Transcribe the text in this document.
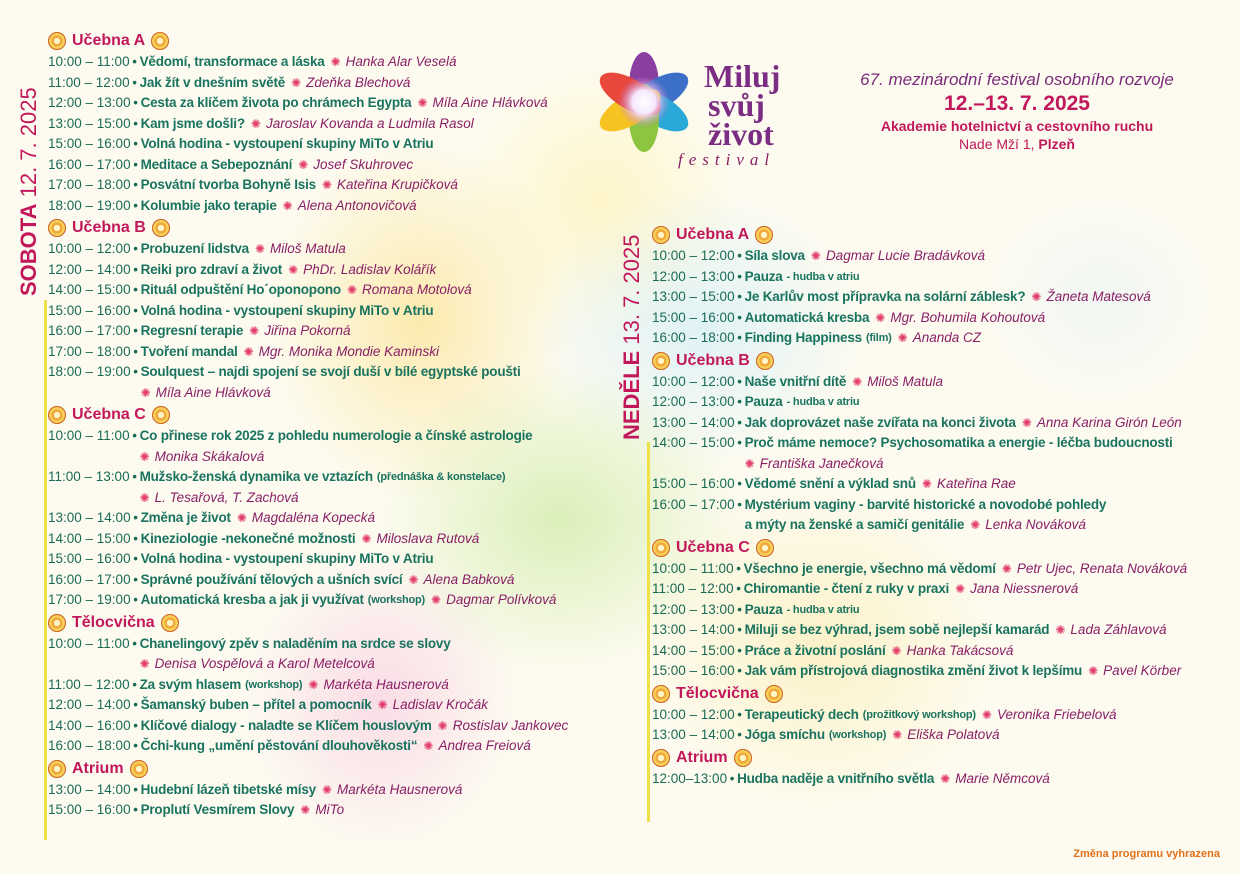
SOBOTA 12. 7. 2025
NEDĚLE 13. 7. 2025
Učebna A
10:00 – 11:00 • Vědomí, transformace a láska ✺ Hanka Alar Veselá
11:00 – 12:00 • Jak žít v dnešním světě ✺ Zdeňka Blechová
12:00 – 13:00 • Cesta za klíčem života po chrámech Egypta ✺ Míla Aine Hlávková
13:00 – 15:00 • Kam jsme došli? ✺ Jaroslav Kovanda a Ludmila Rasol
15:00 – 16:00 • Volná hodina - vystoupení skupiny MiTo v Atriu
16:00 – 17:00 • Meditace a Sebepoznání ✺ Josef Skuhrovec
17:00 – 18:00 • Posvátní tvorba Bohyně Isis ✺ Kateřina Krupičková
18:00 – 19:00 • Kolumbie jako terapie ✺ Alena Antonovičová
Učebna B
10:00 – 12:00 • Probuzení lidstva ✺ Miloš Matula
12:00 – 14:00 • Reiki pro zdraví a život ✺ PhDr. Ladislav Kolářík
14:00 – 15:00 • Rituál odpuštění Ho´oponopono ✺ Romana Motolová
15:00 – 16:00 • Volná hodina - vystoupení skupiny MiTo v Atriu
16:00 – 17:00 • Regresní terapie ✺ Jiřina Pokorná
17:00 – 18:00 • Tvoření mandal ✺ Mgr. Monika Mondie Kaminski
18:00 – 19:00 • Soulquest – najdi spojení se svojí duší v bílé egyptské poušti
✺ Míla Aine Hlávková
Učebna C
10:00 – 11:00 • Co přinese rok 2025 z pohledu numerologie a čínské astrologie
✺ Monika Skákalová
11:00 – 13:00 • Mužsko-ženská dynamika ve vztazích (přednáška & konstelace)
✺ L. Tesařová, T. Zachová
13:00 – 14:00 • Změna je život ✺ Magdaléna Kopecká
14:00 – 15:00 • Kineziologie -nekonečné možnosti ✺ Miloslava Rutová
15:00 – 16:00 • Volná hodina - vystoupení skupiny MiTo v Atriu
16:00 – 17:00 • Správné používání tělových a ušních svící ✺ Alena Babková
17:00 – 19:00 • Automatická kresba a jak ji využívat (workshop) ✺ Dagmar Polívková
Tělocvična
10:00 – 11:00 • Chanelingový zpěv s naladěním na srdce se slovy
✺ Denisa Vospělová a Karol Metelcová
11:00 – 12:00 • Za svým hlasem (workshop) ✺ Markéta Hausnerová
12:00 – 14:00 • Šamanský buben – přítel a pomocník ✺ Ladislav Kročák
14:00 – 16:00 • Klíčové dialogy - naladte se Klíčem houslovým ✺ Rostislav Jankovec
16:00 – 18:00 • Čchi-kung „umění pěstování dlouhověkosti“ ✺ Andrea Freiová
Atrium
13:00 – 14:00 • Hudební lázeň tibetské mísy ✺ Markéta Hausnerová
15:00 – 16:00 • Proplutí Vesmírem Slovy ✺ MiTo
Učebna A
10:00 – 12:00 • Síla slova ✺ Dagmar Lucie Bradávková
12:00 – 13:00 • Pauza - hudba v atriu
13:00 – 15:00 • Je Karlův most přípravka na solární záblesk? ✺ Žaneta Matesová
15:00 – 16:00 • Automatická kresba ✺ Mgr. Bohumila Kohoutová
16:00 – 18:00 • Finding Happiness (film) ✺ Ananda CZ
Učebna B
10:00 – 12:00 • Naše vnitřní dítě ✺ Miloš Matula
12:00 – 13:00 • Pauza - hudba v atriu
13:00 – 14:00 • Jak doprovázet naše zvířata na konci života ✺ Anna Karina Girón León
14:00 – 15:00 • Proč máme nemoce? Psychosomatika a energie - léčba budoucnosti
✺ Františka Janečková
15:00 – 16:00 • Vědomé snění a výklad snů ✺ Kateřina Rae
16:00 – 17:00 • Mystérium vaginy - barvité historické a novodobé pohledy
a mýty na ženské a samičí genitálie ✺ Lenka Nováková
Učebna C
10:00 – 11:00 • Všechno je energie, všechno má vědomí ✺ Petr Ujec, Renata Nováková
11:00 – 12:00 • Chiromantie - čtení z ruky v praxi ✺ Jana Niessnerová
12:00 – 13:00 • Pauza - hudba v atriu
13:00 – 14:00 • Miluji se bez výhrad, jsem sobě nejlepší kamarád ✺ Lada Záhlavová
14:00 – 15:00 • Práce a životní poslání ✺ Hanka Takácsová
15:00 – 16:00 • Jak vám přístrojová diagnostika změní život k lepšímu ✺ Pavel Körber
Tělocvična
10:00 – 12:00 • Terapeutický dech (prožitkový workshop) ✺ Veronika Friebelová
13:00 – 14:00 • Jóga smíchu (workshop) ✺ Eliška Polatová
Atrium
12:00–13:00 • Hudba naděje a vnitřního světla ✺ Marie Němcová
Miluj
svůj
život
festival
67. mezinárodní festival osobního rozvoje
12.–13. 7. 2025
Akademie hotelnictví a cestovního ruchu
Nade Mží 1, Plzeň
Změna programu vyhrazena
